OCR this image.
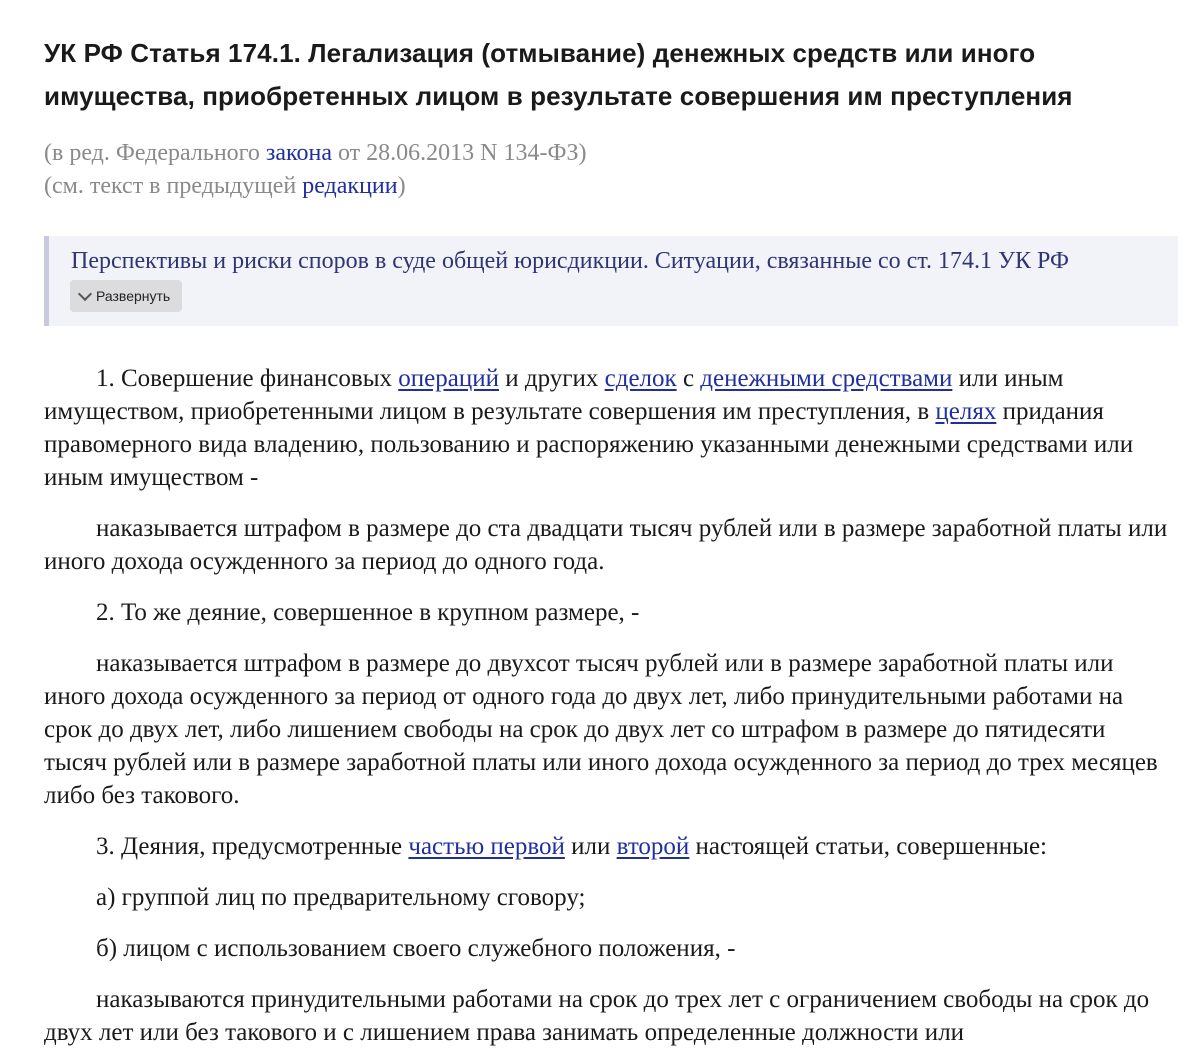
УК РФ Статья 174.1. Легализация (отмывание) денежных средств или иного имущества, приобретенных лицом в результате совершения им преступления
(в ред. Федерального закона от 28.06.2013 N 134-ФЗ)
(см. текст в предыдущей редакции)
Перспективы и риски споров в суде общей юрисдикции. Ситуации, связанные со ст. 174.1 УК РФ
Развернуть

1. Совершение финансовых операций и других сделок с денежными средствами или иным имуществом, приобретенными лицом в результате совершения им преступления, в целях придания правомерного вида владению, пользованию и распоряжению указанными денежными средствами или иным имуществом -

наказывается штрафом в размере до ста двадцати тысяч рублей или в размере заработной платы или иного дохода осужденного за период до одного года.

2. То же деяние, совершенное в крупном размере, -

наказывается штрафом в размере до двухсот тысяч рублей или в размере заработной платы или иного дохода осужденного за период от одного года до двух лет, либо принудительными работами на срок до двух лет, либо лишением свободы на срок до двух лет со штрафом в размере до пятидесяти тысяч рублей или в размере заработной платы или иного дохода осужденного за период до трех месяцев либо без такового.

3. Деяния, предусмотренные частью первой или второй настоящей статьи, совершенные:

а) группой лиц по предварительному сговору;

б) лицом с использованием своего служебного положения, -

наказываются принудительными работами на срок до трех лет с ограничением свободы на срок до двух лет или без такового и с лишением права занимать определенные должности или
